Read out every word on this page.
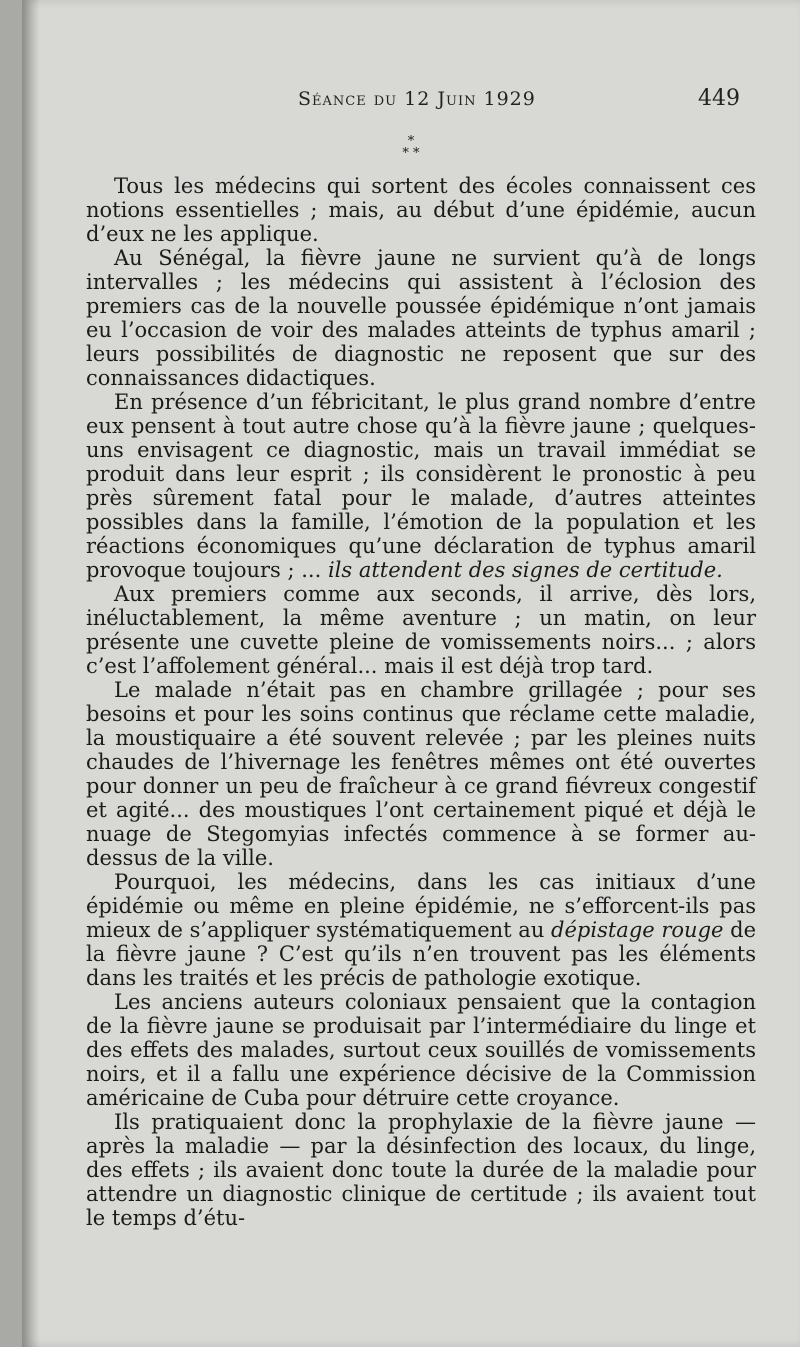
Séance du 12 Juin 1929	449
*
* *

Tous les médecins qui sortent des écoles connaissent ces notions essentielles ; mais, au début d’une épidémie, aucun d’eux ne les applique.

Au Sénégal, la fièvre jaune ne survient qu’à de longs intervalles ; les médecins qui assistent à l’éclosion des premiers cas de la nouvelle poussée épidémique n’ont jamais eu l’occasion de voir des malades atteints de typhus amaril ; leurs possibilités de diagnostic ne reposent que sur des connaissances didactiques.

En présence d’un fébricitant, le plus grand nombre d’entre eux pensent à tout autre chose qu’à la fièvre jaune ; quelques-uns envisagent ce diagnostic, mais un travail immédiat se produit dans leur esprit ; ils considèrent le pronostic à peu près sûrement fatal pour le malade, d’autres atteintes possibles dans la famille, l’émotion de la population et les réactions économiques qu’une déclaration de typhus amaril provoque toujours ; ... ils attendent des signes de certitude.

Aux premiers comme aux seconds, il arrive, dès lors, inéluctablement, la même aventure ; un matin, on leur présente une cuvette pleine de vomissements noirs... ; alors c’est l’affolement général... mais il est déjà trop tard.

Le malade n’était pas en chambre grillagée ; pour ses besoins et pour les soins continus que réclame cette maladie, la moustiquaire a été souvent relevée ; par les pleines nuits chaudes de l’hivernage les fenêtres mêmes ont été ouvertes pour donner un peu de fraîcheur à ce grand fiévreux congestif et agité... des moustiques l’ont certainement piqué et déjà le nuage de Stegomyias infectés commence à se former au-dessus de la ville.

Pourquoi, les médecins, dans les cas initiaux d’une épidémie ou même en pleine épidémie, ne s’efforcent-ils pas mieux de s’appliquer systématiquement au dépistage rouge de la fièvre jaune ? C’est qu’ils n’en trouvent pas les éléments dans les traités et les précis de pathologie exotique.

Les anciens auteurs coloniaux pensaient que la contagion de la fièvre jaune se produisait par l’intermédiaire du linge et des effets des malades, surtout ceux souillés de vomissements noirs, et il a fallu une expérience décisive de la Commission américaine de Cuba pour détruire cette croyance.

Ils pratiquaient donc la prophylaxie de la fièvre jaune — après la maladie — par la désinfection des locaux, du linge, des effets ; ils avaient donc toute la durée de la maladie pour attendre un diagnostic clinique de certitude ; ils avaient tout le temps d’étu-
